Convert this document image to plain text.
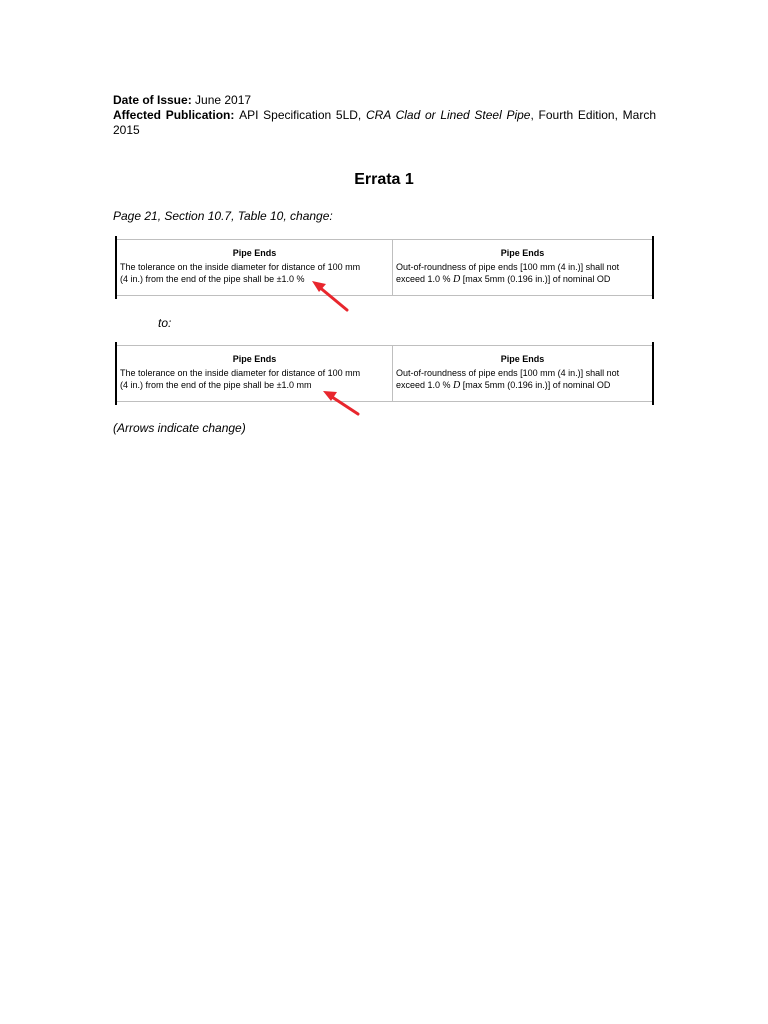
Date of Issue: June 2017

Affected Publication: API Specification 5LD, CRA Clad or Lined Steel Pipe, Fourth Edition, March 2015

Errata 1
Page 21, Section 10.7, Table 10, change:
Pipe Ends
The tolerance on the inside diameter for distance of 100 mm
(4 in.) from the end of the pipe shall be ±1.0 %
Pipe Ends
Out-of-roundness of pipe ends [100 mm (4 in.)] shall not
exceed 1.0 % D [max 5mm (0.196 in.)] of nominal OD
to:
Pipe Ends
The tolerance on the inside diameter for distance of 100 mm
(4 in.) from the end of the pipe shall be ±1.0 mm
Pipe Ends
Out-of-roundness of pipe ends [100 mm (4 in.)] shall not
exceed 1.0 % D [max 5mm (0.196 in.)] of nominal OD
(Arrows indicate change)
